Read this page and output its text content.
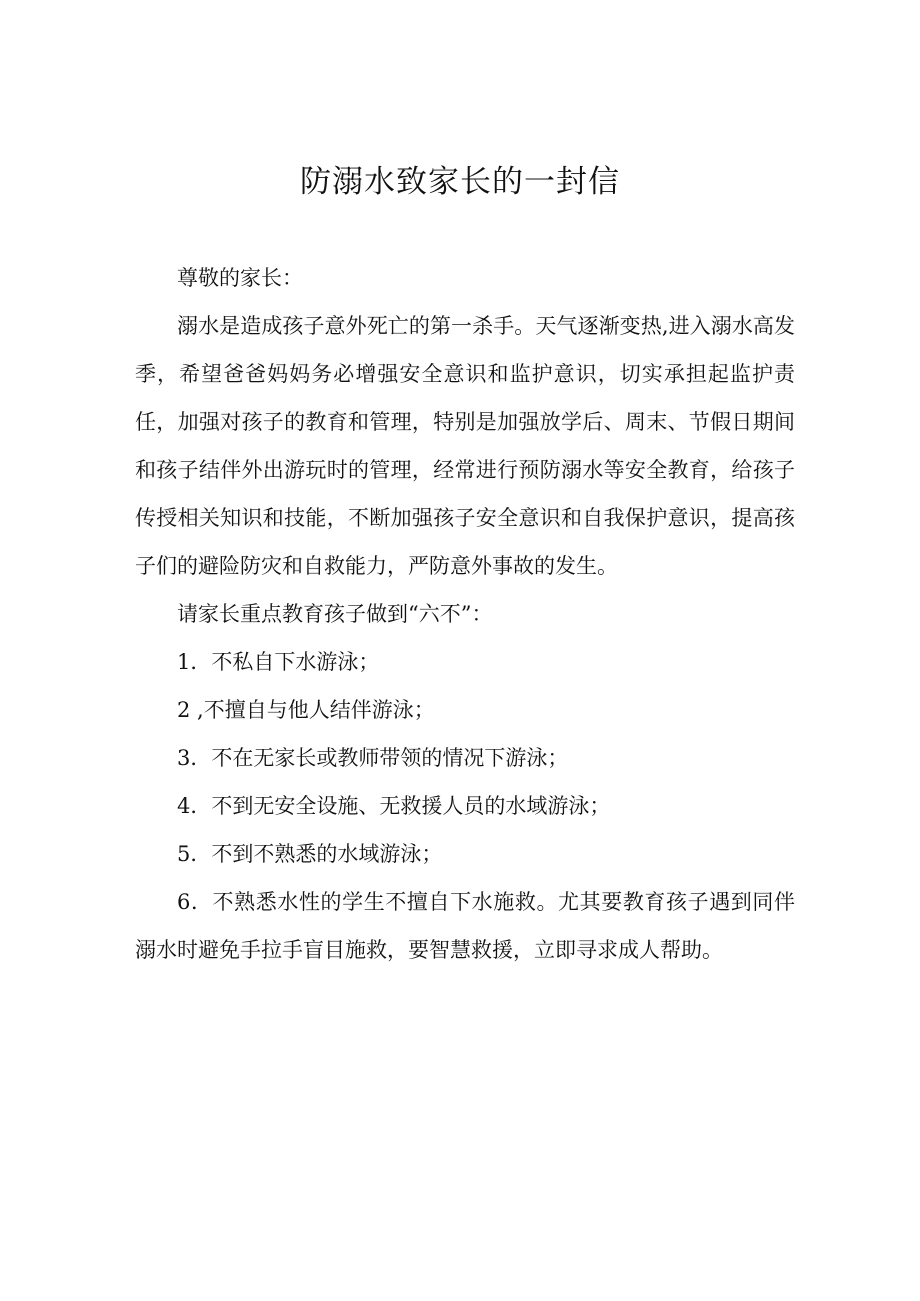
防溺水致家长的一封信

尊敬的家长：

溺水是造成孩子意外死亡的第一杀手。天气逐渐变热,进入溺水高发季，希望爸爸妈妈务必增强安全意识和监护意识，切实承担起监护责任，加强对孩子的教育和管理，特别是加强放学后、周末、节假日期间和孩子结伴外出游玩时的管理，经常进行预防溺水等安全教育，给孩子传授相关知识和技能，不断加强孩子安全意识和自我保护意识，提高孩子们的避险防灾和自救能力，严防意外事故的发生。

请家长重点教育孩子做到“六不”：

1．不私自下水游泳；

2 ,不擅自与他人结伴游泳；

3．不在无家长或教师带领的情况下游泳；

4．不到无安全设施、无救援人员的水域游泳；

5．不到不熟悉的水域游泳；

6．不熟悉水性的学生不擅自下水施救。尤其要教育孩子遇到同伴溺水时避免手拉手盲目施救，要智慧救援，立即寻求成人帮助。
